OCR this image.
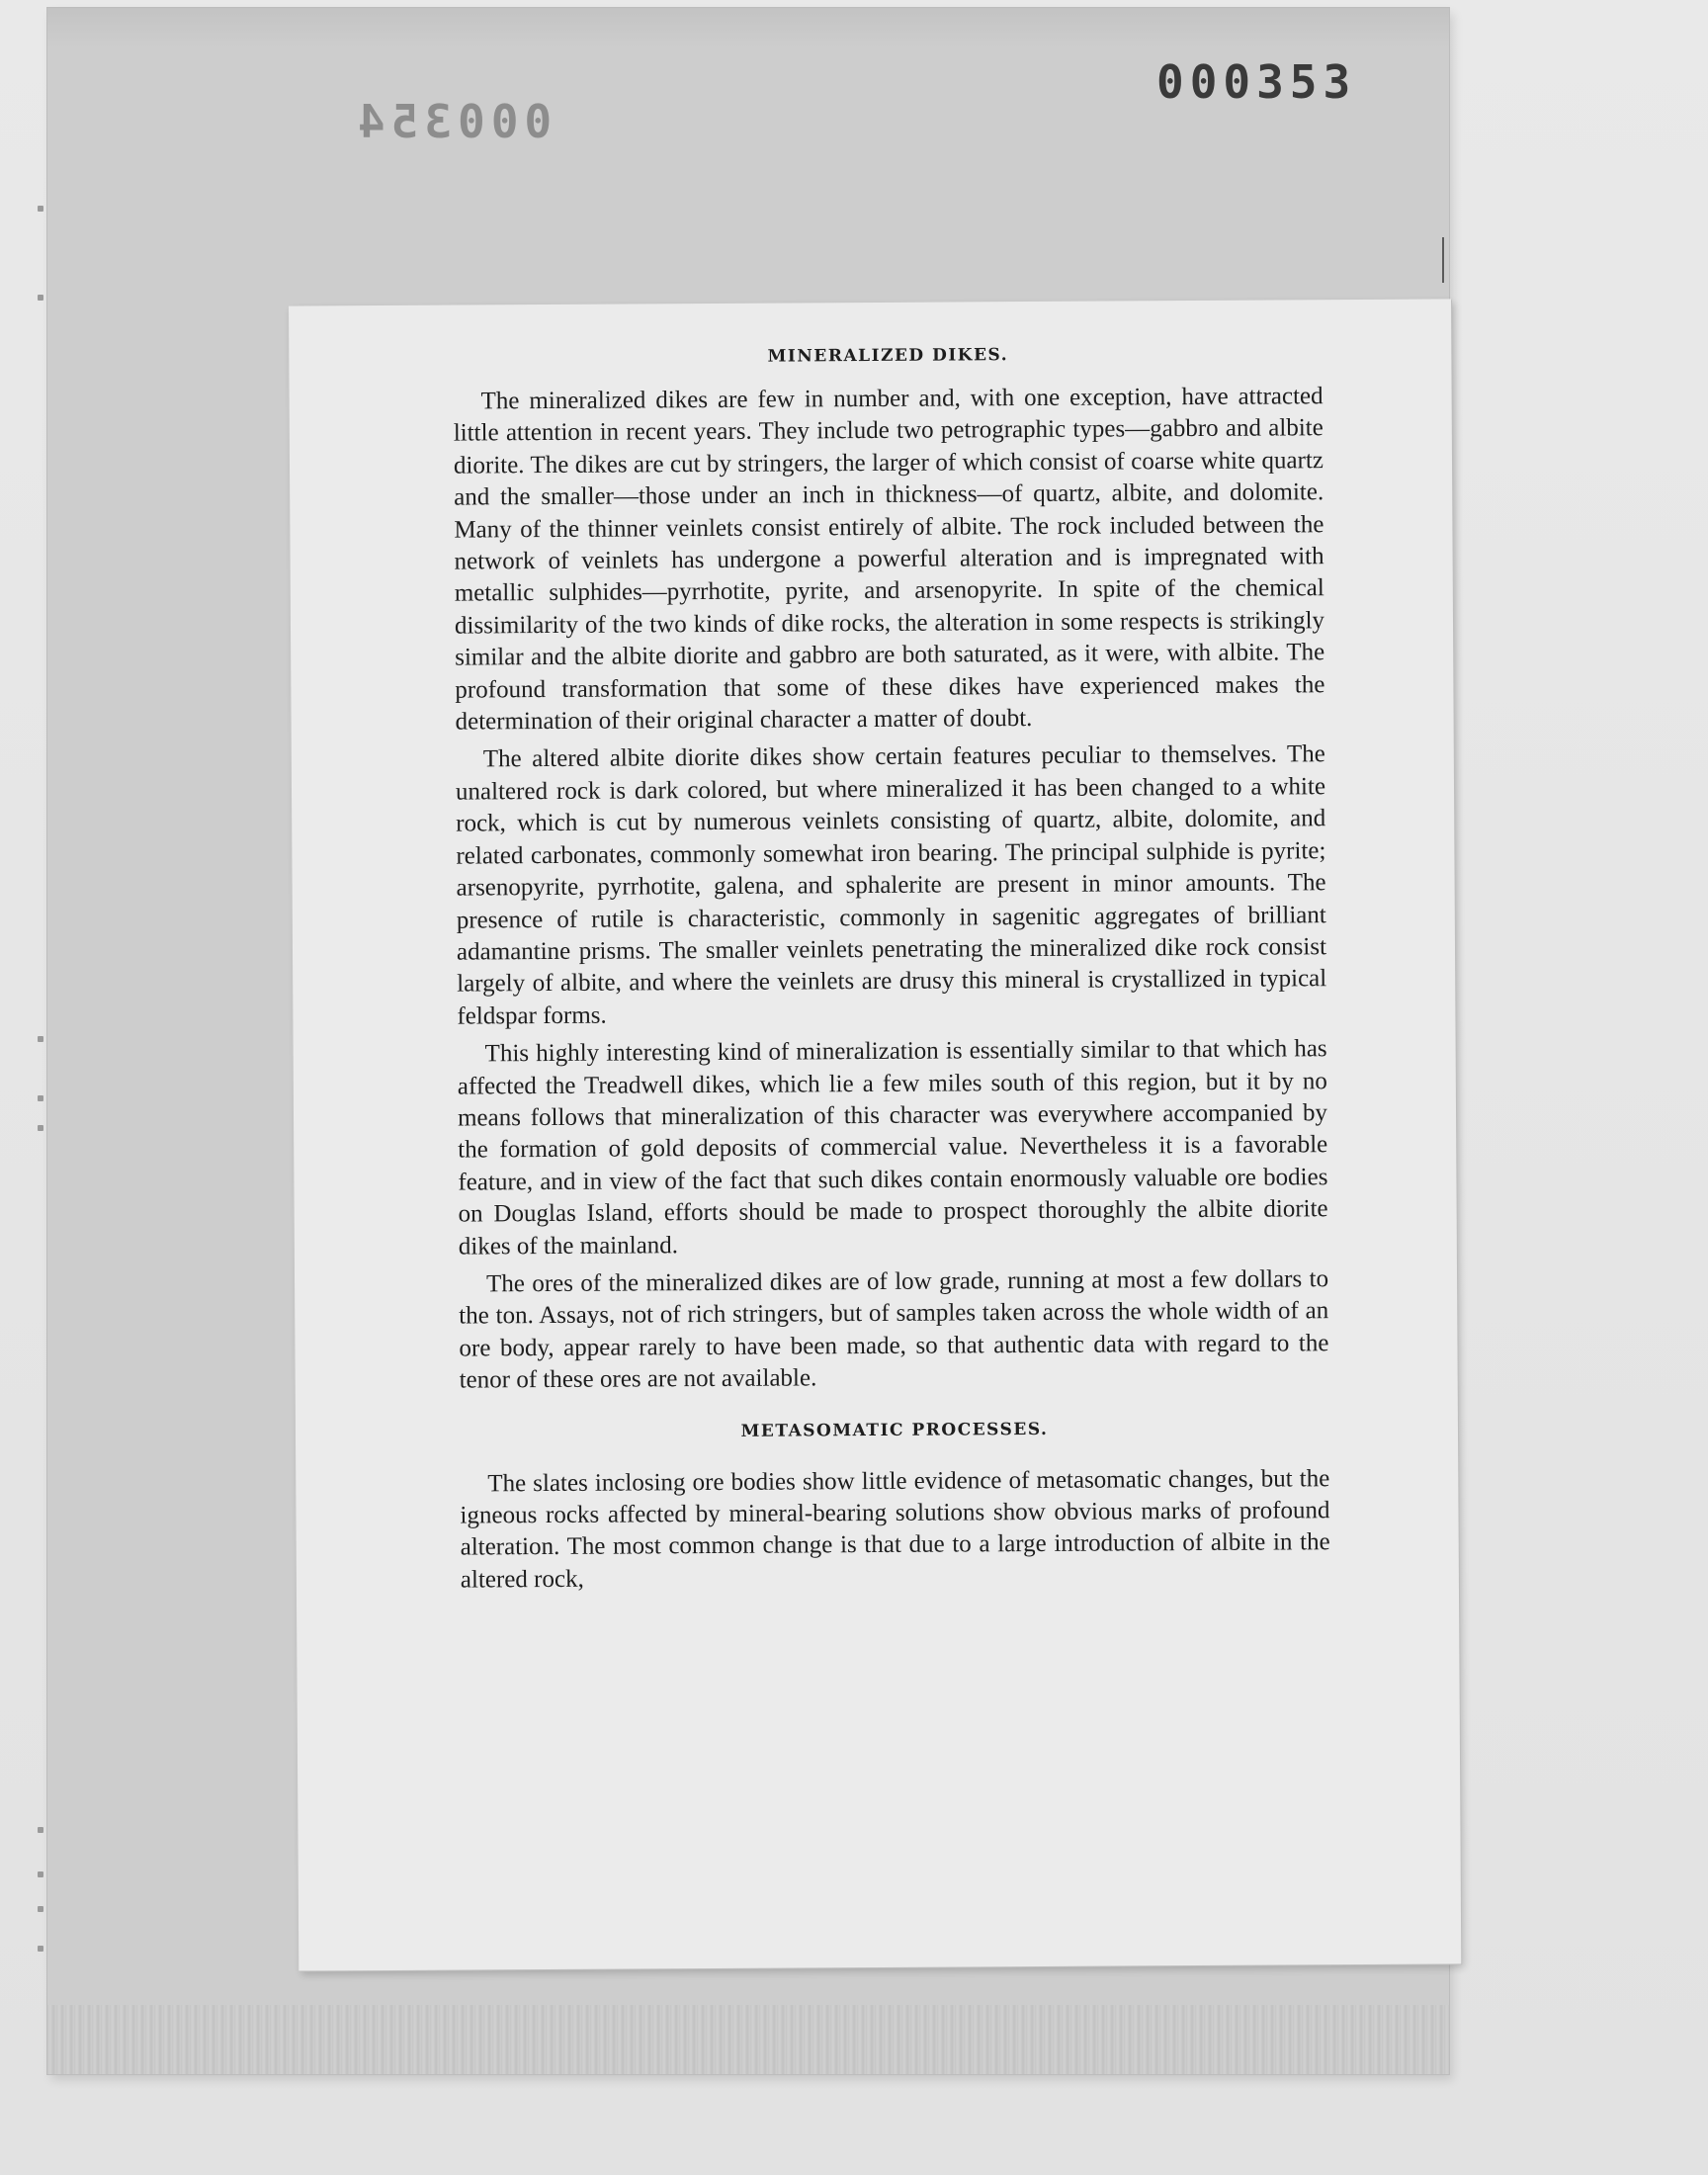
000353
000354
MINERALIZED DIKES.

The mineralized dikes are few in number and, with one exception, have attracted little attention in recent years. They include two petrographic types—gabbro and albite diorite. The dikes are cut by stringers, the larger of which consist of coarse white quartz and the smaller—those under an inch in thickness—of quartz, albite, and dolomite. Many of the thinner veinlets consist entirely of albite. The rock included between the network of veinlets has undergone a powerful alteration and is impregnated with metallic sulphides—pyrrhotite, pyrite, and arsenopyrite. In spite of the chemical dissimilarity of the two kinds of dike rocks, the alteration in some respects is strikingly similar and the albite diorite and gabbro are both saturated, as it were, with albite. The profound transformation that some of these dikes have experienced makes the determination of their original character a matter of doubt.

The altered albite diorite dikes show certain features peculiar to themselves. The unaltered rock is dark colored, but where mineralized it has been changed to a white rock, which is cut by numerous veinlets consisting of quartz, albite, dolomite, and related carbonates, commonly somewhat iron bearing. The principal sulphide is pyrite; arsenopyrite, pyrrhotite, galena, and sphalerite are present in minor amounts. The presence of rutile is characteristic, commonly in sagenitic aggregates of brilliant adamantine prisms. The smaller veinlets penetrating the mineralized dike rock consist largely of albite, and where the veinlets are drusy this mineral is crystallized in typical feldspar forms.

This highly interesting kind of mineralization is essentially similar to that which has affected the Treadwell dikes, which lie a few miles south of this region, but it by no means follows that mineralization of this character was everywhere accompanied by the formation of gold deposits of commercial value. Nevertheless it is a favorable feature, and in view of the fact that such dikes contain enormously valuable ore bodies on Douglas Island, efforts should be made to prospect thoroughly the albite diorite dikes of the mainland.

The ores of the mineralized dikes are of low grade, running at most a few dollars to the ton. Assays, not of rich stringers, but of samples taken across the whole width of an ore body, appear rarely to have been made, so that authentic data with regard to the tenor of these ores are not available.

METASOMATIC PROCESSES.

The slates inclosing ore bodies show little evidence of metasomatic changes, but the igneous rocks affected by mineral-bearing solutions show obvious marks of profound alteration. The most common change is that due to a large introduction of albite in the altered rock,
